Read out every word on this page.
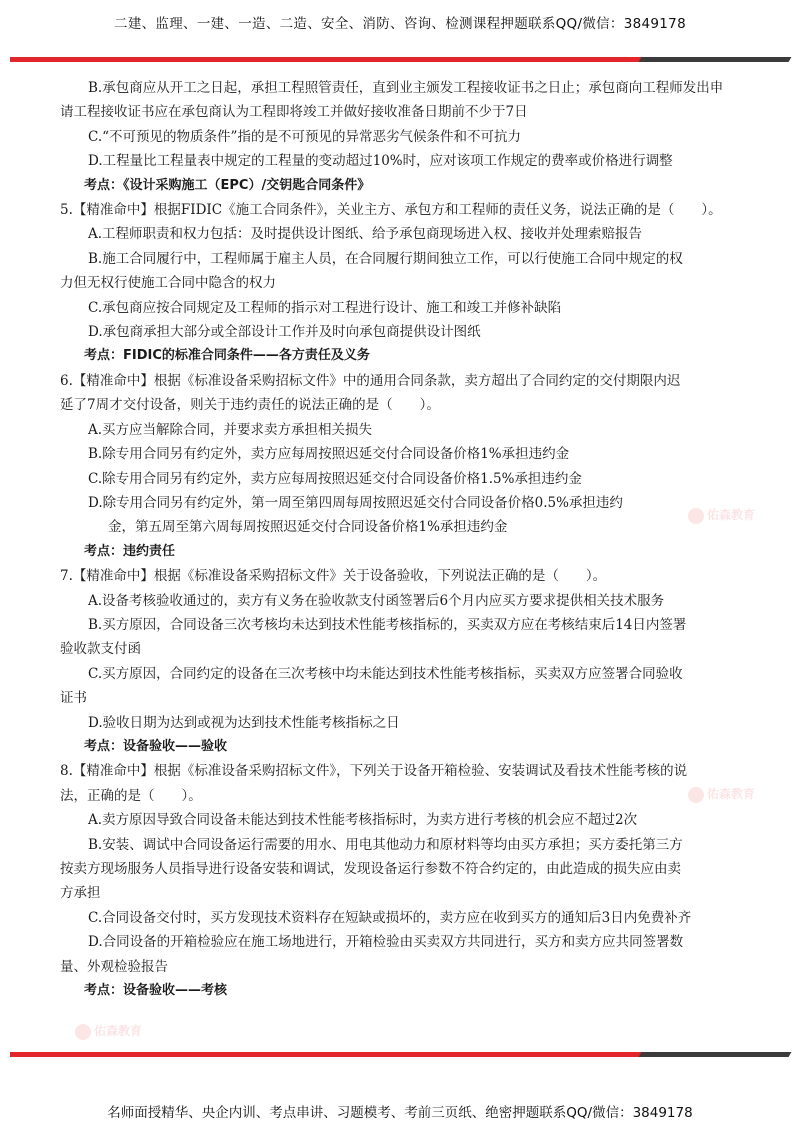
二建、监理、一建、一造、二造、安全、消防、咨询、检测课程押题联系QQ/微信：3849178
佑森教育
佑森教育
佑森教育
B.承包商应从开工之日起，承担工程照管责任，直到业主颁发工程接收证书之日止；承包商向工程师发出申
请工程接收证书应在承包商认为工程即将竣工并做好接收准备日期前不少于7日
C.“不可预见的物质条件”指的是不可预见的异常恶劣气候条件和不可抗力
D.工程量比工程量表中规定的工程量的变动超过10%时，应对该项工作规定的费率或价格进行调整
考点：《设计采购施工（EPC）/交钥匙合同条件》
5.【精准命中】根据FIDIC《施工合同条件》，关业主方、承包方和工程师的责任义务，说法正确的是（　　）。
A.工程师职责和权力包括：及时提供设计图纸、给予承包商现场进入权、接收并处理索赔报告
B.施工合同履行中，工程师属于雇主人员，在合同履行期间独立工作，可以行使施工合同中规定的权
力但无权行使施工合同中隐含的权力
C.承包商应按合同规定及工程师的指示对工程进行设计、施工和竣工并修补缺陷
D.承包商承担大部分或全部设计工作并及时向承包商提供设计图纸
考点：FIDIC的标准合同条件——各方责任及义务
6.【精准命中】根据《标准设备采购招标文件》中的通用合同条款，卖方超出了合同约定的交付期限内迟
延了7周才交付设备，则关于违约责任的说法正确的是（　　）。
A.买方应当解除合同，并要求卖方承担相关损失
B.除专用合同另有约定外，卖方应每周按照迟延交付合同设备价格1%承担违约金
C.除专用合同另有约定外，卖方应每周按照迟延交付合同设备价格1.5%承担违约金
D.除专用合同另有约定外，第一周至第四周每周按照迟延交付合同设备价格0.5%承担违约
金，第五周至第六周每周按照迟延交付合同设备价格1%承担违约金
考点：违约责任
7.【精准命中】根据《标准设备采购招标文件》关于设备验收，下列说法正确的是（　　）。
A.设备考核验收通过的，卖方有义务在验收款支付函签署后6个月内应买方要求提供相关技术服务
B.买方原因，合同设备三次考核均未达到技术性能考核指标的，买卖双方应在考核结束后14日内签署
验收款支付函
C.买方原因，合同约定的设备在三次考核中均未能达到技术性能考核指标，买卖双方应签署合同验收
证书
D.验收日期为达到或视为达到技术性能考核指标之日
考点：设备验收——验收
8.【精准命中】根据《标准设备采购招标文件》，下列关于设备开箱检验、安装调试及看技术性能考核的说
法，正确的是（　　）。
A.卖方原因导致合同设备未能达到技术性能考核指标时，为卖方进行考核的机会应不超过2次
B.安装、调试中合同设备运行需要的用水、用电其他动力和原材料等均由买方承担；买方委托第三方
按卖方现场服务人员指导进行设备安装和调试，发现设备运行参数不符合约定的，由此造成的损失应由卖
方承担
C.合同设备交付时，买方发现技术资料存在短缺或损坏的，卖方应在收到买方的通知后3日内免费补齐
D.合同设备的开箱检验应在施工场地进行，开箱检验由买卖双方共同进行，买方和卖方应共同签署数
量、外观检验报告
考点：设备验收——考核
名师面授精华、央企内训、考点串讲、习题模考、考前三页纸、绝密押题联系QQ/微信：3849178
